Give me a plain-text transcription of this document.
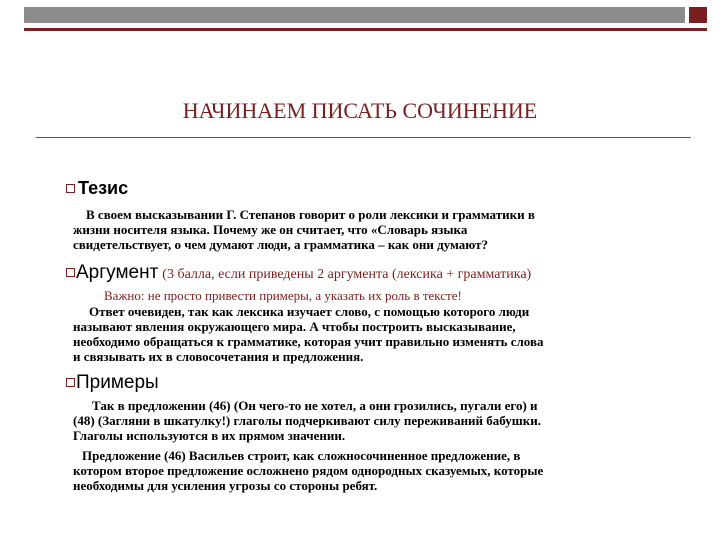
НАЧИНАЕМ ПИСАТЬ СОЧИНЕНИЕ
Тезис
В своем высказывании Г. Степанов говорит о роли лексики и грамматики в
жизни носителя языка. Почему же он считает, что «Словарь языка
свидетельствует, о чем думают люди, а грамматика – как они думают?
Аргумент (3 балла, если приведены 2 аргумента (лексика + грамматика)
Важно: не просто привести примеры, а указать их роль в тексте!
Ответ очевиден, так как лексика изучает слово, с помощью которого люди
называют явления окружающего мира. А чтобы построить высказывание,
необходимо обращаться к грамматике, которая учит правильно изменять слова
и связывать их в словосочетания и предложения.
Примеры
Так в предложении (46) (Он чего-то не хотел, а они грозились, пугали его) и
(48) (Загляни в шкатулку!) глаголы подчеркивают силу переживаний бабушки.
Глаголы используются в их прямом значении.
Предложение (46) Васильев строит, как сложносочиненное предложение, в
котором второе предложение осложнено рядом однородных сказуемых, которые
необходимы для усиления угрозы со стороны ребят.
